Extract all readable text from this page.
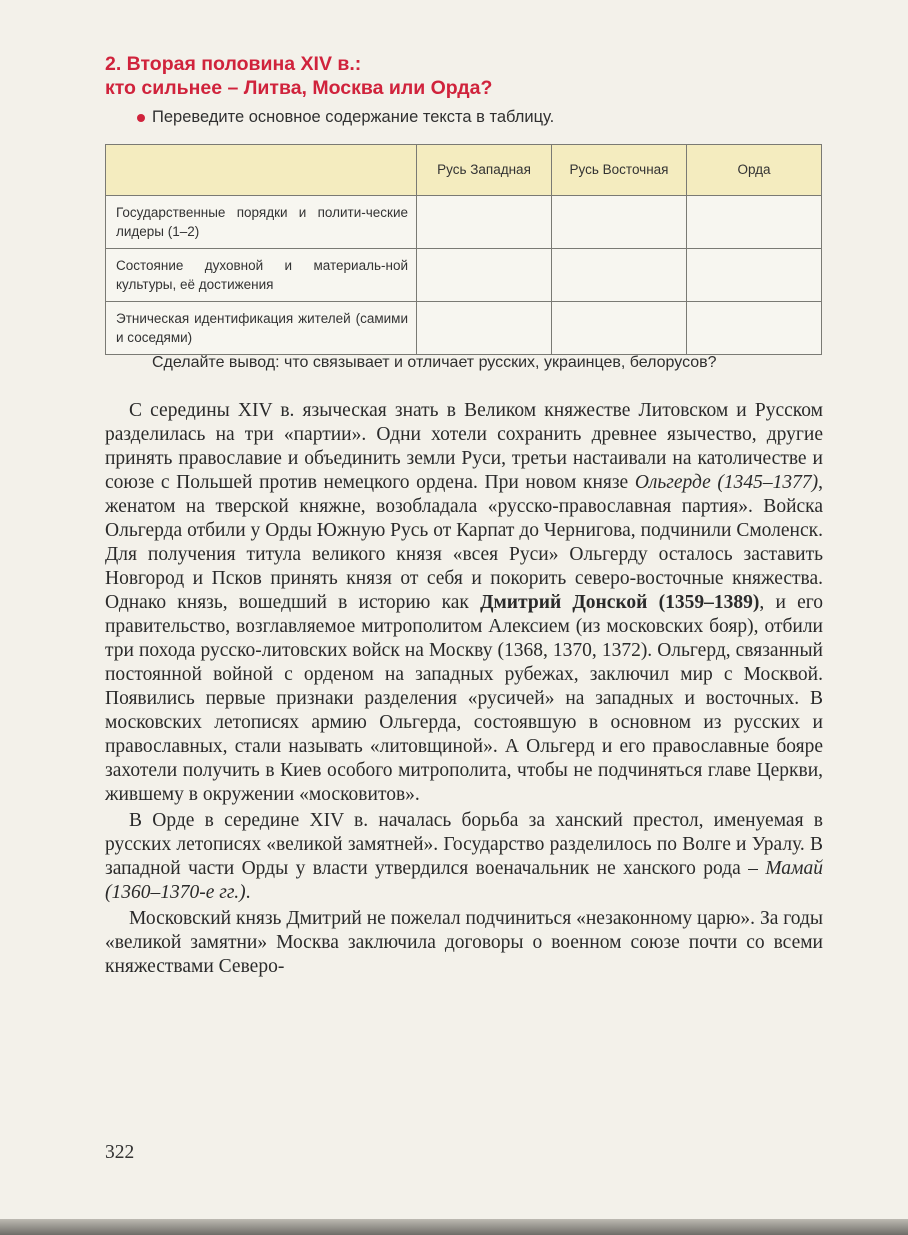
2. Вторая половина XIV в.:
кто сильнее – Литва, Москва или Орда?
Переведите основное содержание текста в таблицу.
	Русь Западная	Русь Восточная	Орда
Государственные порядки и полити-ческие лидеры (1–2)			
Состояние духовной и материаль-ной культуры, её достижения			
Этническая идентификация жителей (самими и соседями)			
Сделайте вывод: что связывает и отличает русских, украинцев, белорусов?

С середины XIV в. языческая знать в Великом княжестве Литовском и Русском разделилась на три «партии». Одни хотели сохранить древнее язычество, другие принять православие и объединить земли Руси, третьи настаивали на католичестве и союзе с Польшей против немецкого ордена. При новом князе Ольгерде (1345–1377), женатом на тверской княжне, возобладала «русско-православная партия». Войска Ольгерда отбили у Орды Южную Русь от Карпат до Чернигова, подчинили Смоленск. Для получения титула великого князя «всея Руси» Ольгерду осталось заставить Новгород и Псков принять князя от себя и покорить северо-восточные княжества. Однако князь, вошедший в историю как Дмитрий Донской (1359–1389), и его правительство, возглавляемое митрополитом Алексием (из московских бояр), отбили три похода русско-литовских войск на Москву (1368, 1370, 1372). Ольгерд, связанный постоянной войной с орденом на западных рубежах, заключил мир с Москвой. Появились первые признаки разделения «русичей» на западных и восточных. В московских летописях армию Ольгерда, состоявшую в основном из русских и православных, стали называть «литовщиной». А Ольгерд и его православные бояре захотели получить в Киев особого митрополита, чтобы не подчиняться главе Церкви, жившему в окружении «московитов».

В Орде в середине XIV в. началась борьба за ханский престол, именуемая в русских летописях «великой замятней». Государство разделилось по Волге и Уралу. В западной части Орды у власти утвердился военачальник не ханского рода – Мамай (1360–1370-е гг.).

Московский князь Дмитрий не пожелал подчиниться «незаконному царю». За годы «великой замятни» Москва заключила договоры о военном союзе почти со всеми княжествами Северо-

322
